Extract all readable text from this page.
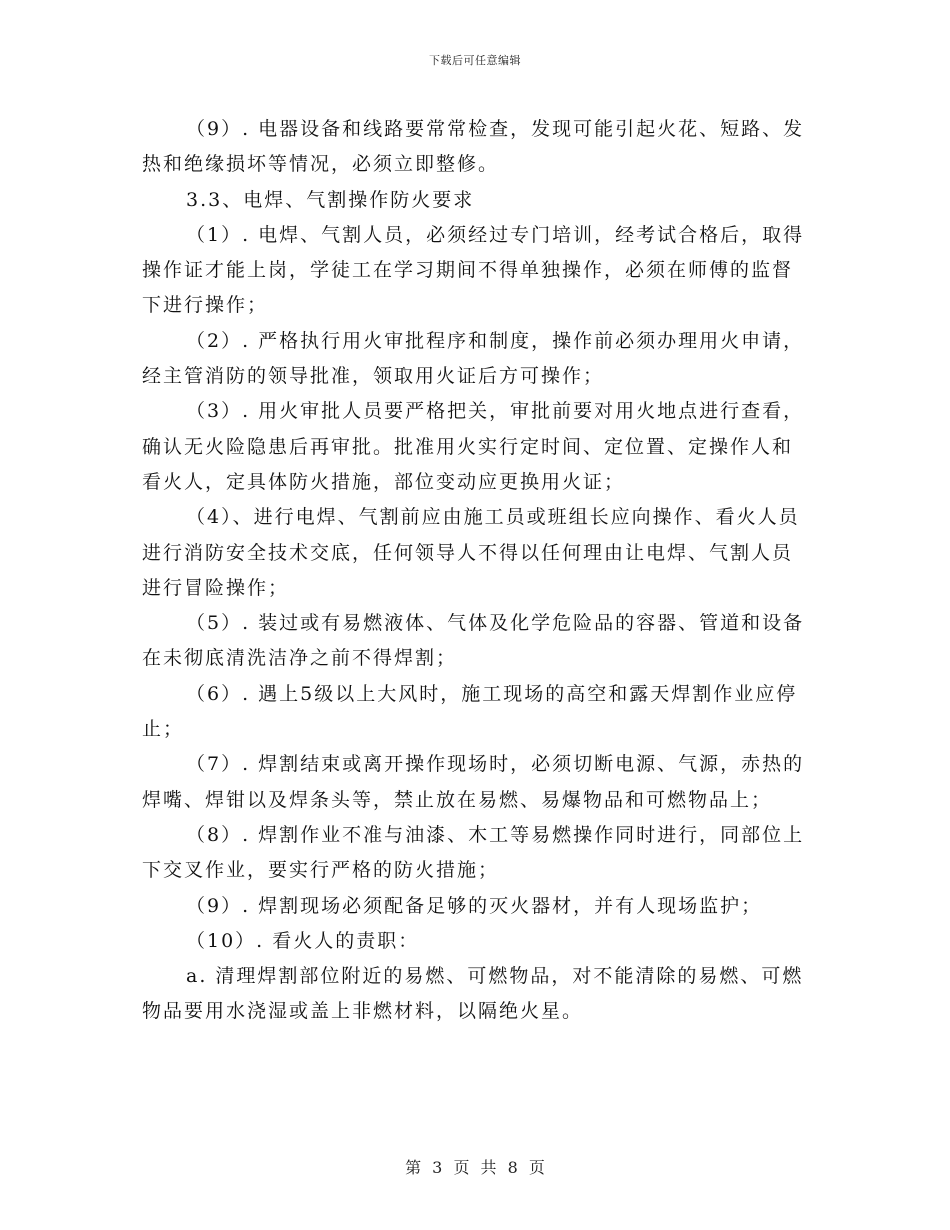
下载后可任意编辑

（9）. 电器设备和线路要常常检查，发现可能引起火花、短路、发热和绝缘损坏等情况，必须立即整修。

3.3、电焊、气割操作防火要求

（1）. 电焊、气割人员，必须经过专门培训，经考试合格后，取得操作证才能上岗，学徒工在学习期间不得单独操作，必须在师傅的监督下进行操作；

（2）. 严格执行用火审批程序和制度，操作前必须办理用火申请，经主管消防的领导批准，领取用火证后方可操作；

（3）. 用火审批人员要严格把关，审批前要对用火地点进行查看，确认无火险隐患后再审批。批准用火实行定时间、定位置、定操作人和看火人，定具体防火措施，部位变动应更换用火证；

（4）、进行电焊、气割前应由施工员或班组长应向操作、看火人员进行消防安全技术交底，任何领导人不得以任何理由让电焊、气割人员进行冒险操作；

（5）. 装过或有易燃液体、气体及化学危险品的容器、管道和设备在未彻底清洗洁净之前不得焊割；

（6）. 遇上5级以上大风时，施工现场的高空和露天焊割作业应停止；

（7）. 焊割结束或离开操作现场时，必须切断电源、气源，赤热的焊嘴、焊钳以及焊条头等，禁止放在易燃、易爆物品和可燃物品上；

（8）. 焊割作业不准与油漆、木工等易燃操作同时进行，同部位上下交叉作业，要实行严格的防火措施；

（9）. 焊割现场必须配备足够的灭火器材，并有人现场监护；

（10）. 看火人的责职：

a. 清理焊割部位附近的易燃、可燃物品，对不能清除的易燃、可燃物品要用水浇湿或盖上非燃材料，以隔绝火星。

第 3 页 共 8 页
